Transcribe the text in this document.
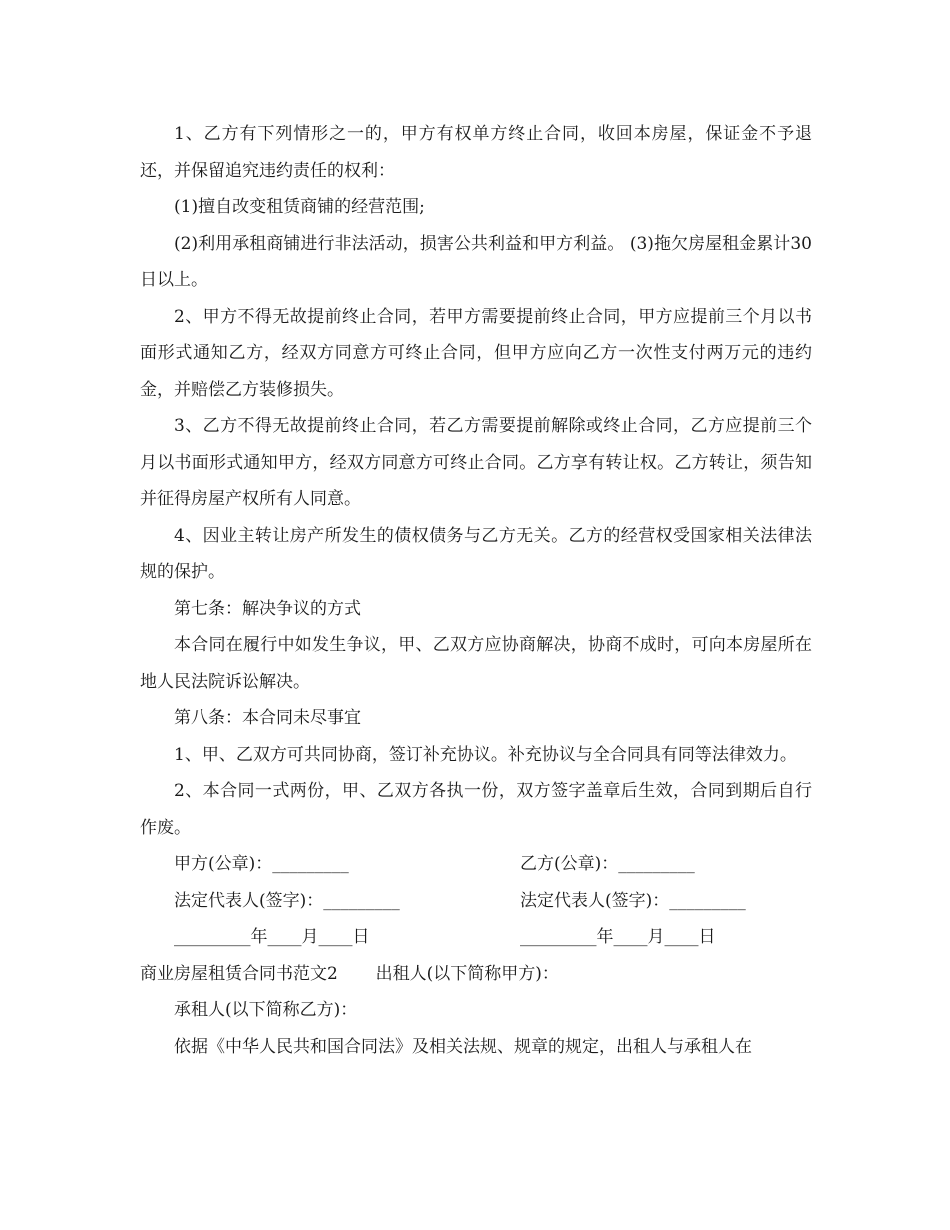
1、乙方有下列情形之一的，甲方有权单方终止合同，收回本房屋，保证金不予退还，并保留追究违约责任的权利：

(1)擅自改变租赁商铺的经营范围;

(2)利用承租商铺进行非法活动，损害公共利益和甲方利益。 (3)拖欠房屋租金累计30日以上。

2、甲方不得无故提前终止合同，若甲方需要提前终止合同，甲方应提前三个月以书面形式通知乙方，经双方同意方可终止合同，但甲方应向乙方一次性支付两万元的违约金，并赔偿乙方装修损失。

3、乙方不得无故提前终止合同，若乙方需要提前解除或终止合同，乙方应提前三个月以书面形式通知甲方，经双方同意方可终止合同。乙方享有转让权。乙方转让，须告知并征得房屋产权所有人同意。

4、因业主转让房产所发生的债权债务与乙方无关。乙方的经营权受国家相关法律法规的保护。

第七条：解决争议的方式

本合同在履行中如发生争议，甲、乙双方应协商解决，协商不成时，可向本房屋所在地人民法院诉讼解决。

第八条：本合同未尽事宜

1、甲、乙双方可共同协商，签订补充协议。补充协议与全合同具有同等法律效力。

2、本合同一式两份，甲、乙双方各执一份，双方签字盖章后生效，合同到期后自行作废。

甲方(公章)：_________	乙方(公章)：_________
法定代表人(签字)：_________	法定代表人(签字)：_________
_________年____月____日	_________年____月____日

商业房屋租赁合同书范文2       出租人(以下简称甲方)：

承租人(以下简称乙方)：

依据《中华人民共和国合同法》及相关法规、规章的规定，出租人与承租人在
